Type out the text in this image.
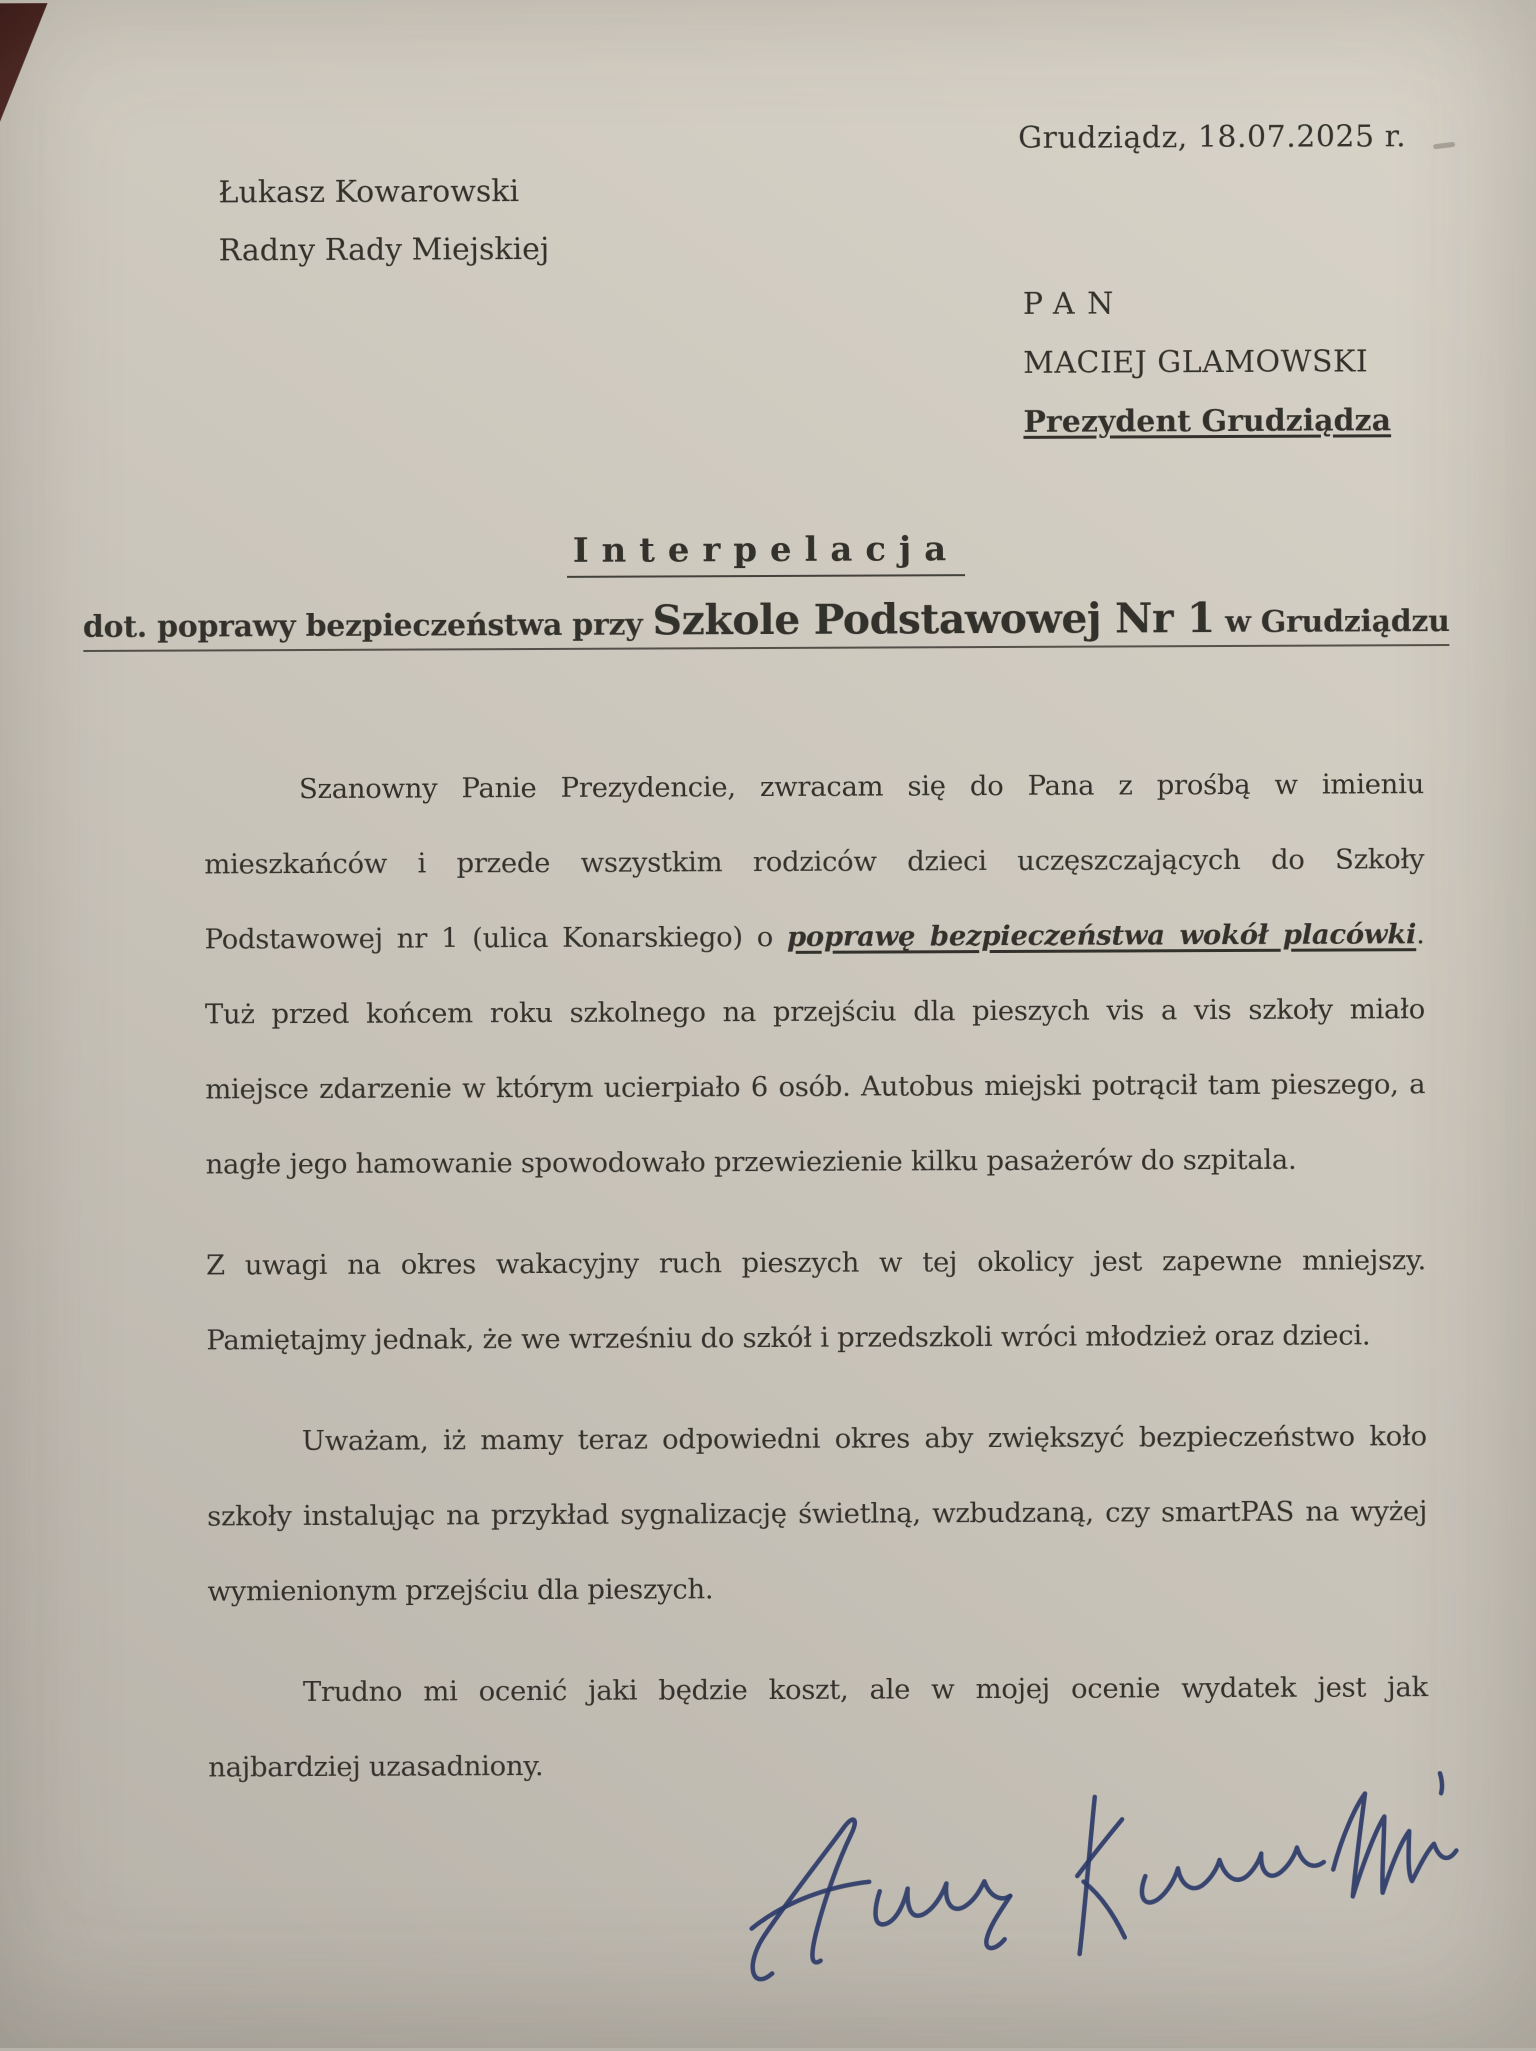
Grudziądz, 18.07.2025 r.
Łukasz Kowarowski
Radny Rady Miejskiej
PAN
MACIEJ GLAMOWSKI
Prezydent Grudziądza
Interpelacja
dot. poprawy bezpieczeństwa przy Szkole Podstawowej Nr 1 w Grudziądzu

Szanowny Panie Prezydencie, zwracam się do Pana z prośbą w imieniu mieszkańców i przede wszystkim rodziców dzieci uczęszczających do Szkoły Podstawowej nr 1 (ulica Konarskiego) o poprawę bezpieczeństwa wokół placówki. Tuż przed końcem roku szkolnego na przejściu dla pieszych vis a vis szkoły miało miejsce zdarzenie w którym ucierpiało 6 osób. Autobus miejski potrącił tam pieszego, a nagłe jego hamowanie spowodowało przewiezienie kilku pasażerów do szpitala.

Z uwagi na okres wakacyjny ruch pieszych w tej okolicy jest zapewne mniejszy. Pamiętajmy jednak, że we wrześniu do szkół i przedszkoli wróci młodzież oraz dzieci.

Uważam, iż mamy teraz odpowiedni okres aby zwiększyć bezpieczeństwo koło szkoły instalując na przykład sygnalizację świetlną, wzbudzaną, czy smartPAS na wyżej wymienionym przejściu dla pieszych.

Trudno mi ocenić jaki będzie koszt, ale w mojej ocenie wydatek jest jak najbardziej uzasadniony.
